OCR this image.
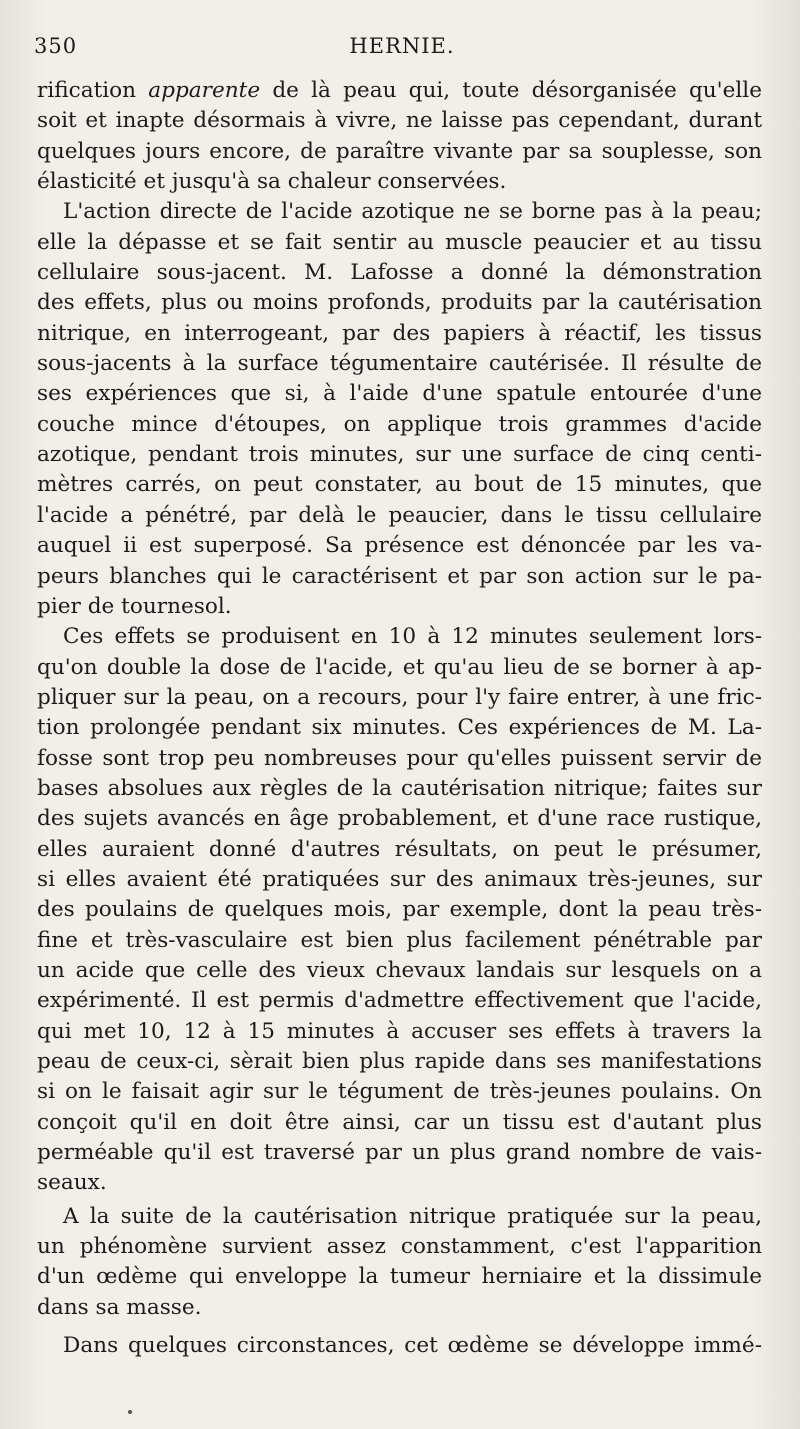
350	HERNIE.
rification apparente de là peau qui, toute désorganisée qu'elle
soit et inapte désormais à vivre, ne laisse pas cependant, durant
quelques jours encore, de paraître vivante par sa souplesse, son
élasticité et jusqu'à sa chaleur conservées.
L'action directe de l'acide azotique ne se borne pas à la peau;
elle la dépasse et se fait sentir au muscle peaucier et au tissu
cellulaire sous-jacent. M. Lafosse a donné la démonstration
des effets, plus ou moins profonds, produits par la cautérisation
nitrique, en interrogeant, par des papiers à réactif, les tissus
sous-jacents à la surface tégumentaire cautérisée. Il résulte de
ses expériences que si, à l'aide d'une spatule entourée d'une
couche mince d'étoupes, on applique trois grammes d'acide
azotique, pendant trois minutes, sur une surface de cinq centi-
mètres carrés, on peut constater, au bout de 15 minutes, que
l'acide a pénétré, par delà le peaucier, dans le tissu cellulaire
auquel ii est superposé. Sa présence est dénoncée par les va-
peurs blanches qui le caractérisent et par son action sur le pa-
pier de tournesol.
Ces effets se produisent en 10 à 12 minutes seulement lors-
qu'on double la dose de l'acide, et qu'au lieu de se borner à ap-
pliquer sur la peau, on a recours, pour l'y faire entrer, à une fric-
tion prolongée pendant six minutes. Ces expériences de M. La-
fosse sont trop peu nombreuses pour qu'elles puissent servir de
bases absolues aux règles de la cautérisation nitrique; faites sur
des sujets avancés en âge probablement, et d'une race rustique,
elles auraient donné d'autres résultats, on peut le présumer,
si elles avaient été pratiquées sur des animaux très-jeunes, sur
des poulains de quelques mois, par exemple, dont la peau très-
fine et très-vasculaire est bien plus facilement pénétrable par
un acide que celle des vieux chevaux landais sur lesquels on a
expérimenté. Il est permis d'admettre effectivement que l'acide,
qui met 10, 12 à 15 minutes à accuser ses effets à travers la
peau de ceux-ci, sèrait bien plus rapide dans ses manifestations
si on le faisait agir sur le tégument de très-jeunes poulains. On
conçoit qu'il en doit être ainsi, car un tissu est d'autant plus
perméable qu'il est traversé par un plus grand nombre de vais-
seaux.
A la suite de la cautérisation nitrique pratiquée sur la peau,
un phénomène survient assez constamment, c'est l'apparition
d'un œdème qui enveloppe la tumeur herniaire et la dissimule
dans sa masse.
Dans quelques circonstances, cet œdème se développe immé-
